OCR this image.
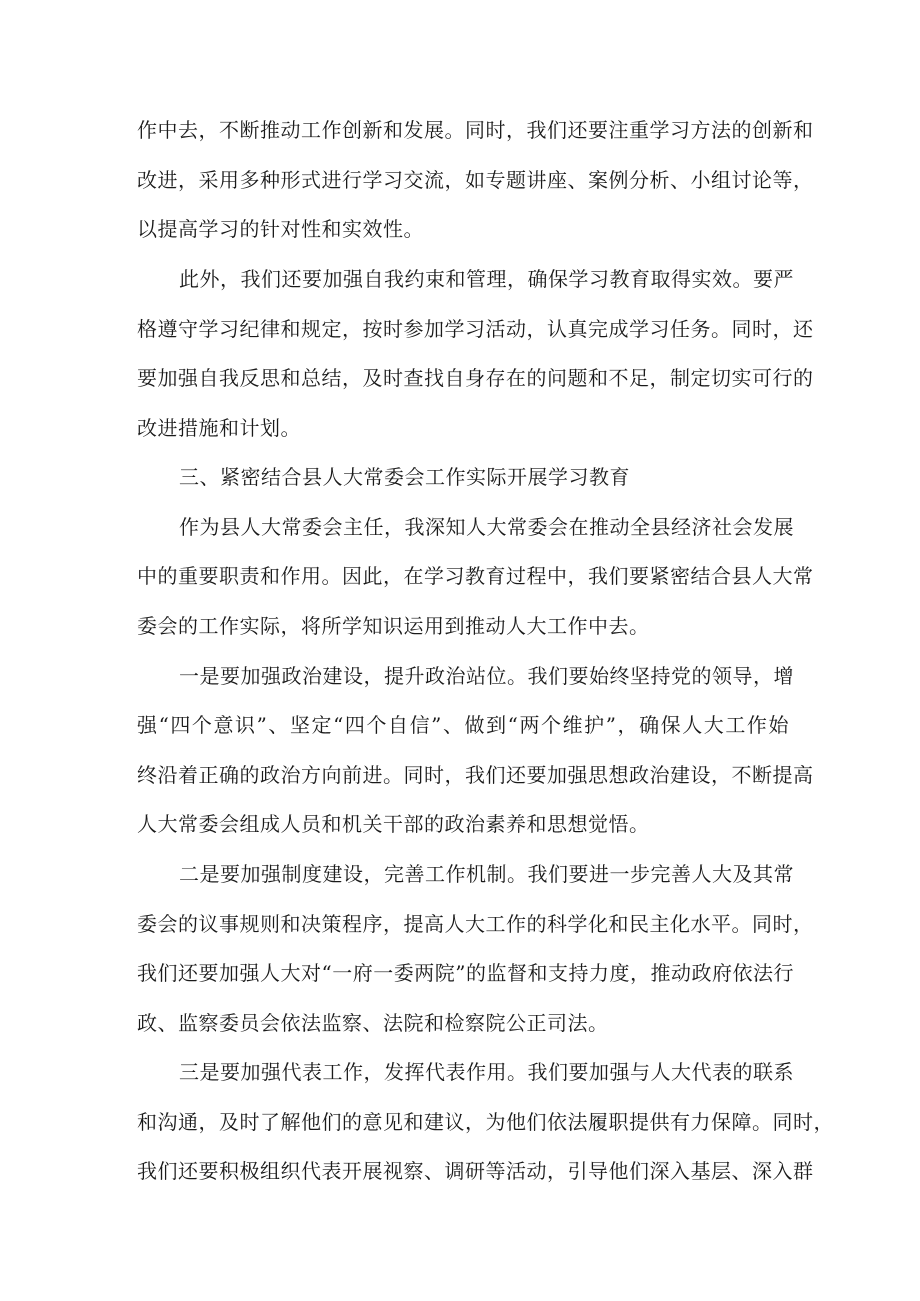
作中去，不断推动工作创新和发展。同时，我们还要注重学习方法的创新和
改进，采用多种形式进行学习交流，如专题讲座、案例分析、小组讨论等，
以提高学习的针对性和实效性。
此外，我们还要加强自我约束和管理，确保学习教育取得实效。要严
格遵守学习纪律和规定，按时参加学习活动，认真完成学习任务。同时，还
要加强自我反思和总结，及时查找自身存在的问题和不足，制定切实可行的
改进措施和计划。
三、紧密结合县人大常委会工作实际开展学习教育
作为县人大常委会主任，我深知人大常委会在推动全县经济社会发展
中的重要职责和作用。因此，在学习教育过程中，我们要紧密结合县人大常
委会的工作实际，将所学知识运用到推动人大工作中去。
一是要加强政治建设，提升政治站位。我们要始终坚持党的领导，增
强“四个意识”、坚定“四个自信”、做到“两个维护”，确保人大工作始
终沿着正确的政治方向前进。同时，我们还要加强思想政治建设，不断提高
人大常委会组成人员和机关干部的政治素养和思想觉悟。
二是要加强制度建设，完善工作机制。我们要进一步完善人大及其常
委会的议事规则和决策程序，提高人大工作的科学化和民主化水平。同时，
我们还要加强人大对“一府一委两院”的监督和支持力度，推动政府依法行
政、监察委员会依法监察、法院和检察院公正司法。
三是要加强代表工作，发挥代表作用。我们要加强与人大代表的联系
和沟通，及时了解他们的意见和建议，为他们依法履职提供有力保障。同时，
我们还要积极组织代表开展视察、调研等活动，引导他们深入基层、深入群
